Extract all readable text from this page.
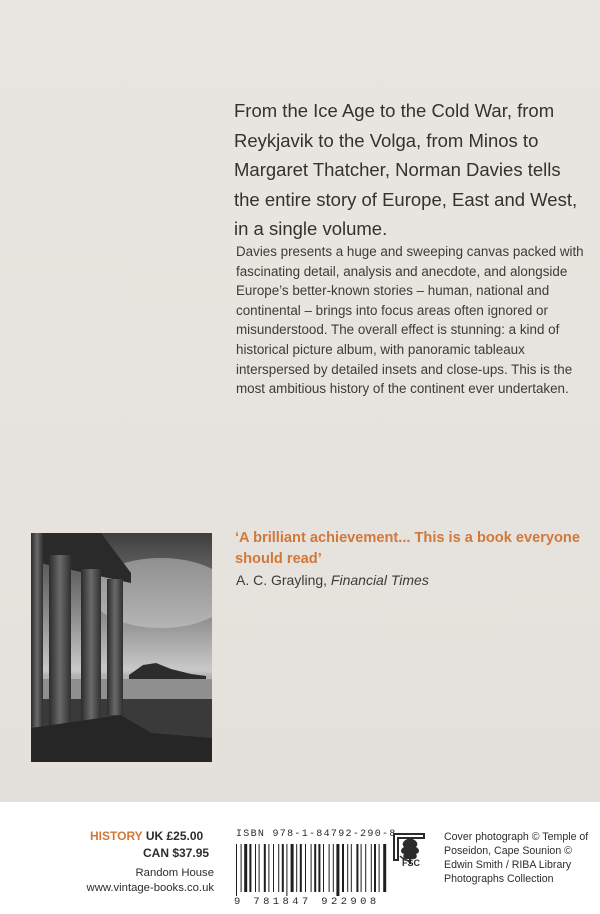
From the Ice Age to the Cold War, from Reykjavik to the Volga, from Minos to Margaret Thatcher, Norman Davies tells the entire story of Europe, East and West, in a single volume.

Davies presents a huge and sweeping canvas packed with fascinating detail, analysis and anecdote, and alongside Europe’s better-known stories – human, national and continental – brings into focus areas often ignored or misunderstood. The overall effect is stunning: a kind of historical picture album, with panoramic tableaux interspersed by detailed insets and close-ups. This is the most ambitious history of the continent ever undertaken.

‘A brilliant achievement... This is a book everyone should read’

A. C. Grayling, Financial Times
HISTORY UK £25.00
CAN $37.95
Random House
www.vintage-books.co.uk
ISBN 978-1-84792-290-8
9 781847 922908
FSC

Cover photograph © Temple of Poseidon, Cape Sounion © Edwin Smith / RIBA Library Photographs Collection
